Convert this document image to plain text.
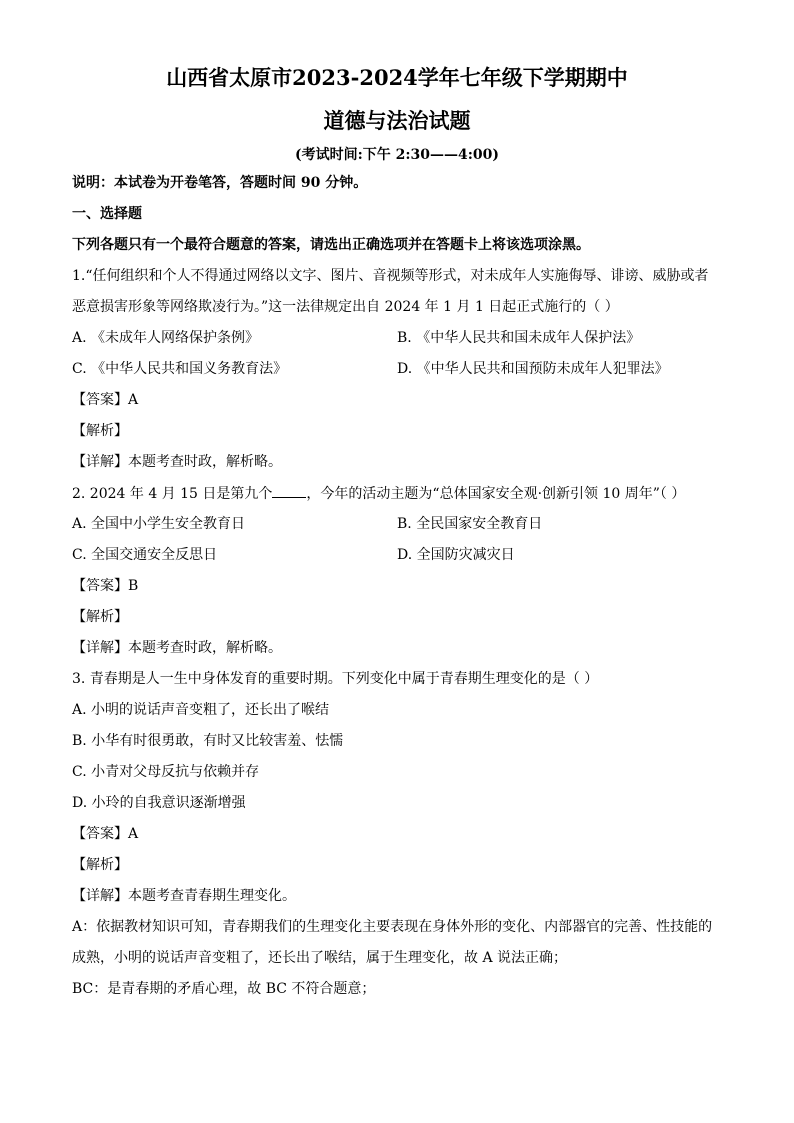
山西省太原市2023-2024学年七年级下学期期中
道德与法治试题
(考试时间:下午 2:30——4:00)
说明：本试卷为开卷笔答，答题时间 90 分钟。
一、选择题
下列各题只有一个最符合题意的答案，请选出正确选项并在答题卡上将该选项涂黑。
1.“任何组织和个人不得通过网络以文字、图片、音视频等形式，对未成年人实施侮辱、诽谤、威胁或者
恶意损害形象等网络欺凌行为。”这一法律规定出自 2024 年 1 月 1 日起正式施行的（ ）
A. 《未成年人网络保护条例》	B. 《中华人民共和国未成年人保护法》
C. 《中华人民共和国义务教育法》	D. 《中华人民共和国预防未成年人犯罪法》
【答案】A
【解析】
【详解】本题考查时政，解析略。
2. 2024 年 4 月 15 日是第九个 ，今年的活动主题为“总体国家安全观·创新引领 10 周年”（ ）
A. 全国中小学生安全教育日	B. 全民国家安全教育日
C. 全国交通安全反思日	D. 全国防灾减灾日
【答案】B
【解析】
【详解】本题考查时政，解析略。
3. 青春期是人一生中身体发育的重要时期。下列变化中属于青春期生理变化的是（ ）
A. 小明的说话声音变粗了，还长出了喉结
B. 小华有时很勇敢，有时又比较害羞、怯懦
C. 小青对父母反抗与依赖并存
D. 小玲的自我意识逐渐增强
【答案】A
【解析】
【详解】本题考查青春期生理变化。
A：依据教材知识可知，青春期我们的生理变化主要表现在身体外形的变化、内部器官的完善、性技能的
成熟，小明的说话声音变粗了，还长出了喉结，属于生理变化，故 A 说法正确；
BC：是青春期的矛盾心理，故 BC 不符合题意；
